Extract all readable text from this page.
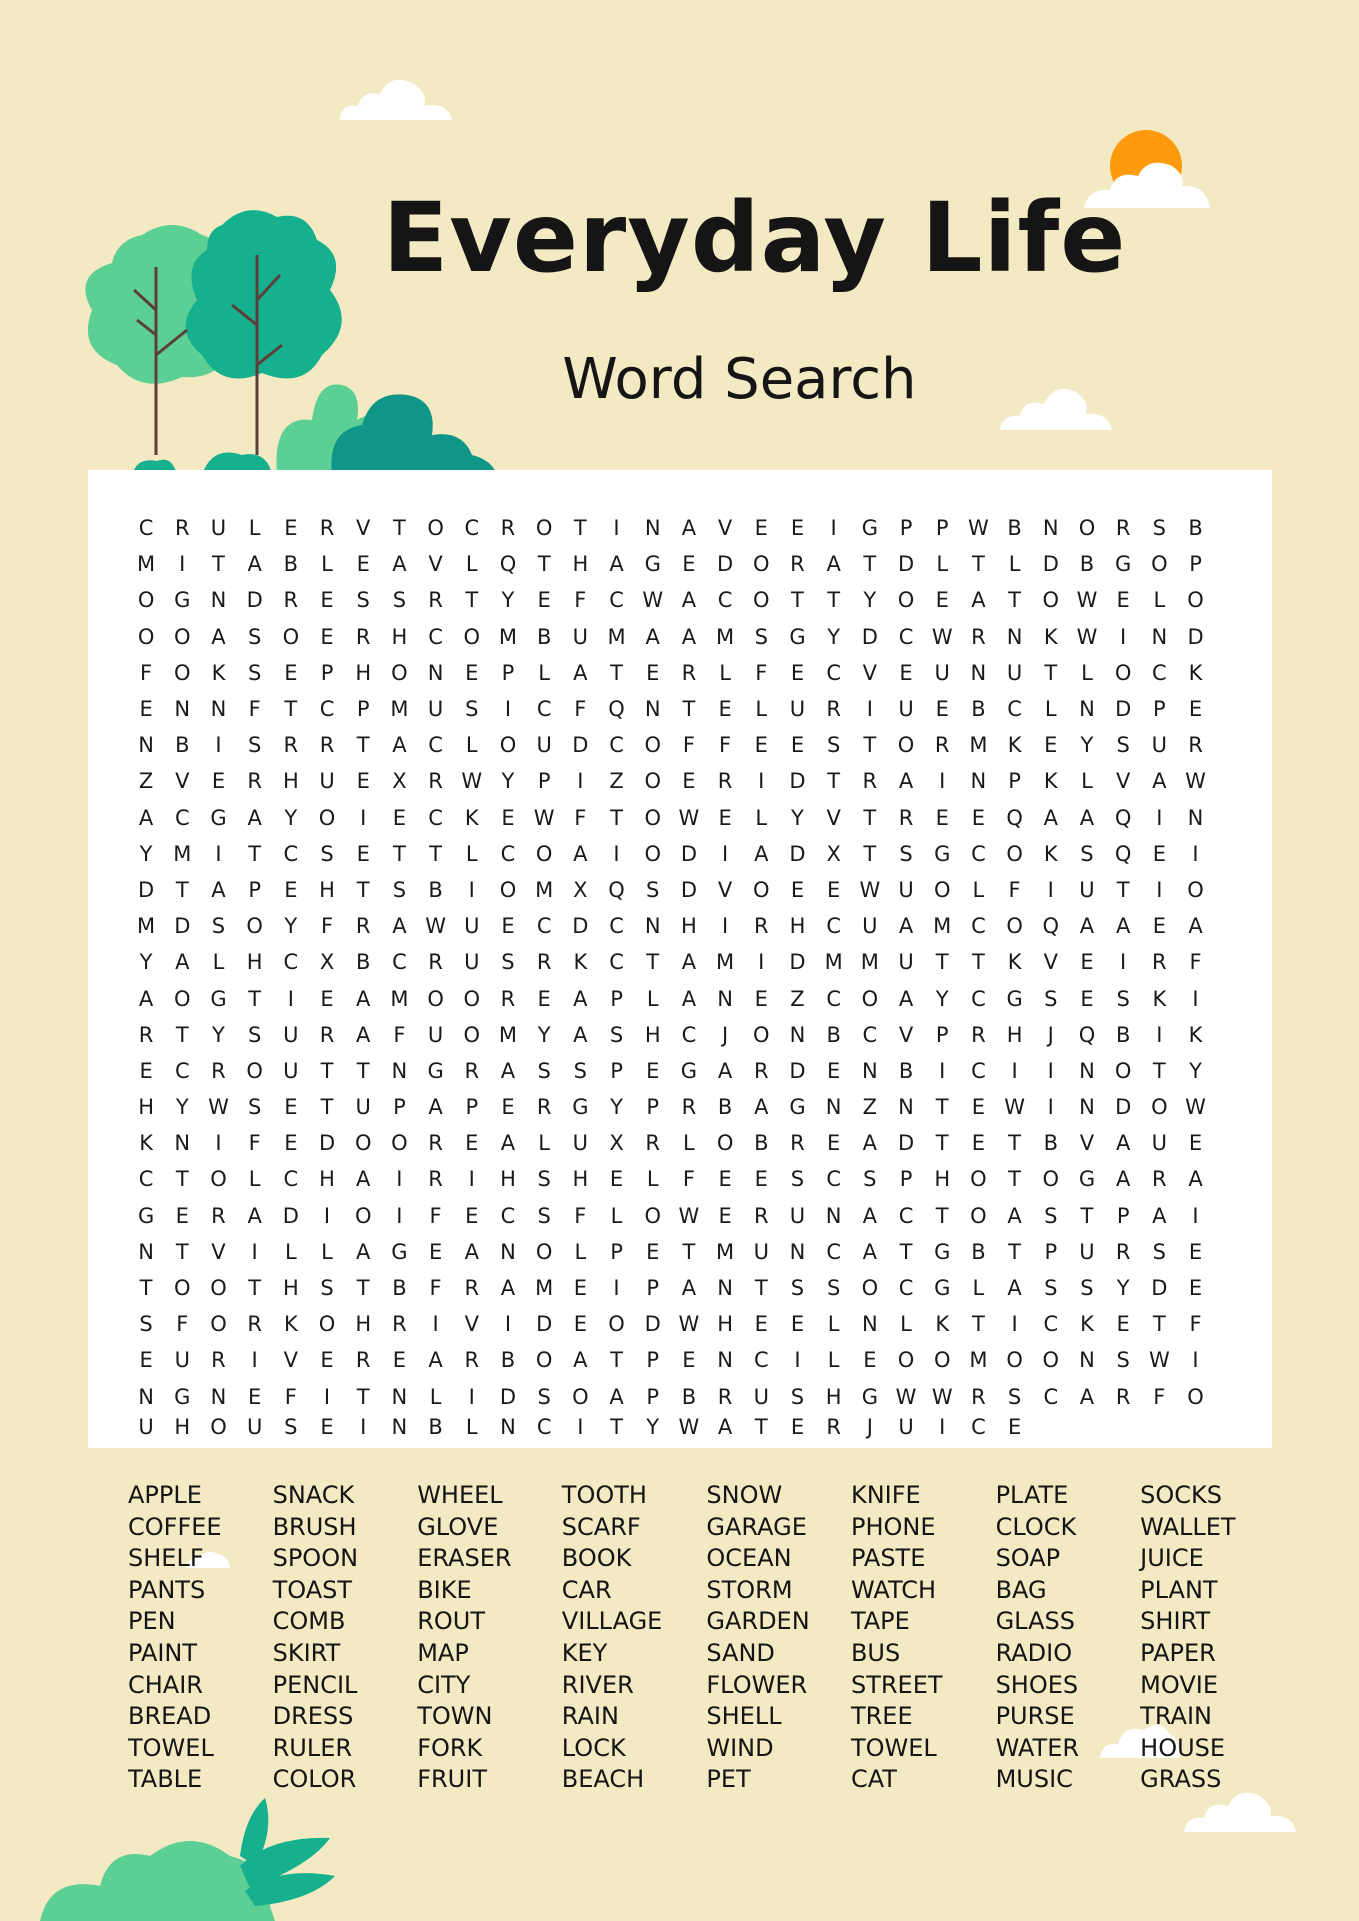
Everyday Life
Word Search
C	R	U	L	E	R	V	T	O C	R O	T	I	N	A	V	E	E	I	G	P	P W B	N O R	S	B
M	I	T	A	B	L	E	A	V	L	Q	T	H	A G	E	D O R	A	T	D	L	T	L	D B G O	P
O G N D R	E	S	S	R	T	Y	E	F	C W A	C O	T	T	Y	O	E	A	T	O W E	L	O
O O A	S	O	E	R H C O M B	U M A	A M S	G	Y	D C W R	N	K W	I	N D
F	O	K	S	E	P	H O N	E	P	L	A	T	E	R	L	F	E	C	V	E	U N U	T	L	O C	K
E	N N	F	T	C	P M U	S	I	C	F	Q N	T	E	L	U	R	I	U	E	B	C	L	N D	P	E
N	B	I	S	R	R	T	A	C	L	O U D C O	F	F	E	E	S	T	O R M K	E	Y	S	U	R
Z	V	E	R H U	E	X	R W Y	P	I	Z O	E	R	I	D	T	R	A	I	N	P	K	L	V	A W
A	C G A	Y	O	I	E	C	K	E W F	T	O W E	L	Y	V	T	R	E	E	Q A	A Q	I	N
Y M	I	T	C	S	E	T	T	L	C O A	I	O D	I	A D X	T	S	G C O	K	S	Q	E	I
D	T	A	P	E	H	T	S	B	I	O M X Q	S	D V O	E	E W U O	L	F	I	U	T	I	O
M D	S	O	Y	F	R	A W U	E	C D C	N H	I	R H C	U	A M C O Q A	A	E	A
Y	A	L	H C	X	B	C	R	U	S	R	K	C	T	A M	I	D M M U	T	T	K	V	E	I	R	F
A O G	T	I	E	A M O O R	E	A	P	L	A	N	E	Z	C O A	Y	C G	S	E	S	K	I
R	T	Y	S	U	R	A	F	U O M Y	A	S	H C	J	O N	B	C	V	P	R H	J	Q B	I	K
E	C	R O U	T	T	N G R	A	S	S	P	E	G A	R D	E	N	B	I	C	I	I	N O	T	Y
H	Y W S	E	T	U	P	A	P	E	R G	Y	P	R	B	A G N	Z	N	T	E W	I	N D O W
K	N	I	F	E	D O O R	E	A	L	U	X	R	L	O B	R	E	A D	T	E	T	B	V	A	U	E
C	T	O	L	C H	A	I	R	I	H	S	H	E	L	F	E	E	S	C	S	P	H O	T	O G A	R	A
G	E	R	A D	I	O	I	F	E	C	S	F	L	O W E	R	U N	A	C	T	O A	S	T	P	A	I
N	T	V	I	L	L	A G	E	A	N O	L	P	E	T M U N C	A	T	G B	T	P	U	R	S	E
T	O O	T	H	S	T	B	F	R	A M E	I	P	A	N	T	S	S	O C G	L	A	S	S	Y	D	E
S	F	O R	K	O H	R	I	V	I	D	E	O D W H	E	E	L	N	L	K	T	I	C	K	E	T	F
E	U	R	I	V	E	R	E	A	R	B O A	T	P	E	N C	I	L	E	O O M O O N	S W	I
N G N	E	F	I	T	N	L	I	D	S	O A	P	B	R	U	S	H G W W R	S	C	A	R	F	O
U H O U	S	E	I	N	B	L	N C	I	T	Y W A	T	E	R	J	U	I	C	E
APPLE
COFFEE
SHELF
PANTS
PEN
PAINT
CHAIR
BREAD
TOWEL
TABLE
SNACK
BRUSH
SPOON
TOAST
COMB
SKIRT
PENCIL
DRESS
RULER
COLOR
WHEEL
GLOVE
ERASER
BIKE
ROUT
MAP
CITY
TOWN
FORK
FRUIT
TOOTH
SCARF
BOOK
CAR
VILLAGE
KEY
RIVER
RAIN
LOCK
BEACH
SNOW
GARAGE
OCEAN
STORM
GARDEN
SAND
FLOWER
SHELL
WIND
PET
KNIFE
PHONE
PASTE
WATCH
TAPE
BUS
STREET
TREE
TOWEL
CAT
PLATE
CLOCK
SOAP
BAG
GLASS
RADIO
SHOES
PURSE
WATER
MUSIC
SOCKS
WALLET
JUICE
PLANT
SHIRT
PAPER
MOVIE
TRAIN
HOUSE
GRASS
